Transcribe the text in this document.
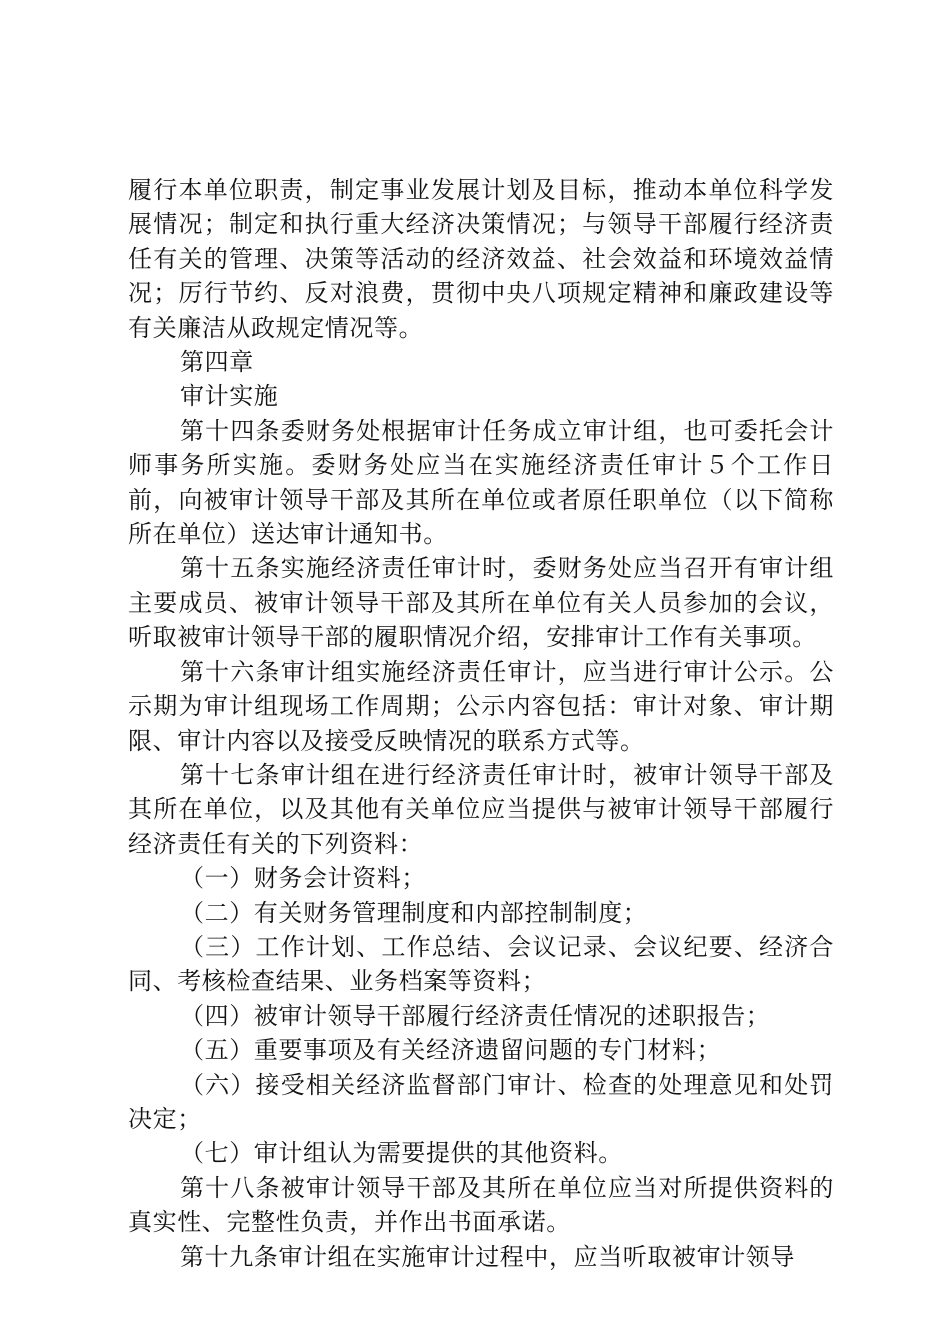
履行本单位职责，制定事业发展计划及目标，推动本单位科学发展情况；制定和执行重大经济决策情况；与领导干部履行经济责任有关的管理、决策等活动的经济效益、社会效益和环境效益情况；厉行节约、反对浪费，贯彻中央八项规定精神和廉政建设等有关廉洁从政规定情况等。

第四章

审计实施

第十四条委财务处根据审计任务成立审计组，也可委托会计师事务所实施。委财务处应当在实施经济责任审计５个工作日前，向被审计领导干部及其所在单位或者原任职单位（以下简称所在单位）送达审计通知书。

第十五条实施经济责任审计时，委财务处应当召开有审计组主要成员、被审计领导干部及其所在单位有关人员参加的会议，听取被审计领导干部的履职情况介绍，安排审计工作有关事项。

第十六条审计组实施经济责任审计，应当进行审计公示。公示期为审计组现场工作周期；公示内容包括：审计对象、审计期限、审计内容以及接受反映情况的联系方式等。

第十七条审计组在进行经济责任审计时，被审计领导干部及其所在单位，以及其他有关单位应当提供与被审计领导干部履行经济责任有关的下列资料：

（一）财务会计资料；

（二）有关财务管理制度和内部控制制度；

（三）工作计划、工作总结、会议记录、会议纪要、经济合同、考核检查结果、业务档案等资料；

（四）被审计领导干部履行经济责任情况的述职报告；

（五）重要事项及有关经济遗留问题的专门材料；

（六）接受相关经济监督部门审计、检查的处理意见和处罚决定；

（七）审计组认为需要提供的其他资料。

第十八条被审计领导干部及其所在单位应当对所提供资料的真实性、完整性负责，并作出书面承诺。

第十九条审计组在实施审计过程中，应当听取被审计领导
